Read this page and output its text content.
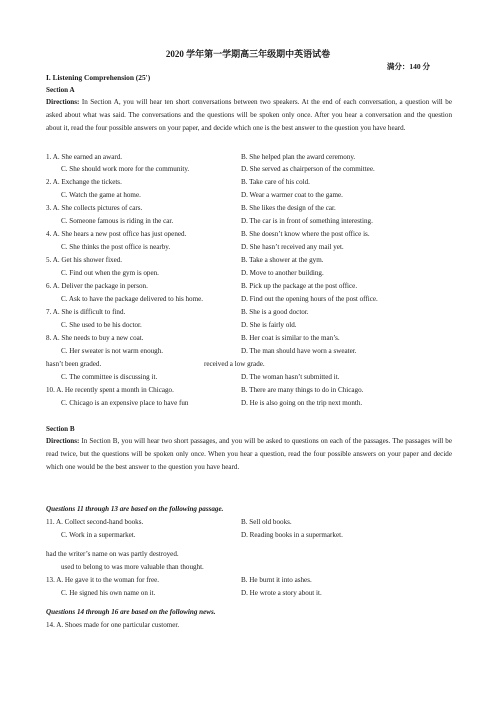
2020 学年第一学期高三年级期中英语试卷
满分：140 分
I. Listening Comprehension (25')
Section A
Directions: In Section A, you will hear ten short conversations between two speakers. At the end of each conversation, a question will be asked about what was said. The conversations and the questions will be spoken only once. After you hear a conversation and the question about it, read the four possible answers on your paper, and decide which one is the best answer to the question you have heard.
1. A. She earned an award.	B. She helped plan the award ceremony.
C. She should work more for the community.	D. She served as chairperson of the committee.
2. A. Exchange the tickets.	B. Take care of his cold.
C. Watch the game at home.	D. Wear a warmer coat to the game.
3. A. She collects pictures of cars.	B. She likes the design of the car.
C. Someone famous is riding in the car.	D. The car is in front of something interesting.
4. A. She hears a new post office has just opened.	B. She doesn’t know where the post office is.
C. She thinks the post office is nearby.	D. She hasn’t received any mail yet.
5. A. Get his shower fixed.	B. Take a shower at the gym.
C. Find out when the gym is open.	D. Move to another building.
6. A. Deliver the package in person.	B. Pick up the package at the post office.
C. Ask to have the package delivered to his home.	D. Find out the opening hours of the post office.
7. A. She is difficult to find.	B. She is a good doctor.
C. She used to be his doctor.	D. She is fairly old.
8. A. She needs to buy a new coat.	B. Her coat is similar to the man’s.
C. Her sweater is not warm enough.	D. The man should have worn a sweater.
hasn’t been graded.	received a low grade.
C. The committee is discussing it.	D. The woman hasn’t submitted it.
10. A. He recently spent a month in Chicago.	B. There are many things to do in Chicago.
C. Chicago is an expensive place to have fun	D. He is also going on the trip next month.
Section B
Directions: In Section B, you will hear two short passages, and you will be asked to questions on each of the passages. The passages will be read twice, but the questions will be spoken only once. When you hear a question, read the four possible answers on your paper and decide which one would be the best answer to the question you have heard.
Questions 11 through 13 are based on the following passage.
11. A. Collect second-hand books.	B. Sell old books.
C. Work in a supermarket.	D. Reading books in a supermarket.
had the writer’s name on was partly destroyed.
used to belong to was more valuable than thought.
13. A. He gave it to the woman for free.	B. He burnt it into ashes.
C. He signed his own name on it.	D. He wrote a story about it.
Questions 14 through 16 are based on the following news.
14. A. Shoes made for one particular customer.
